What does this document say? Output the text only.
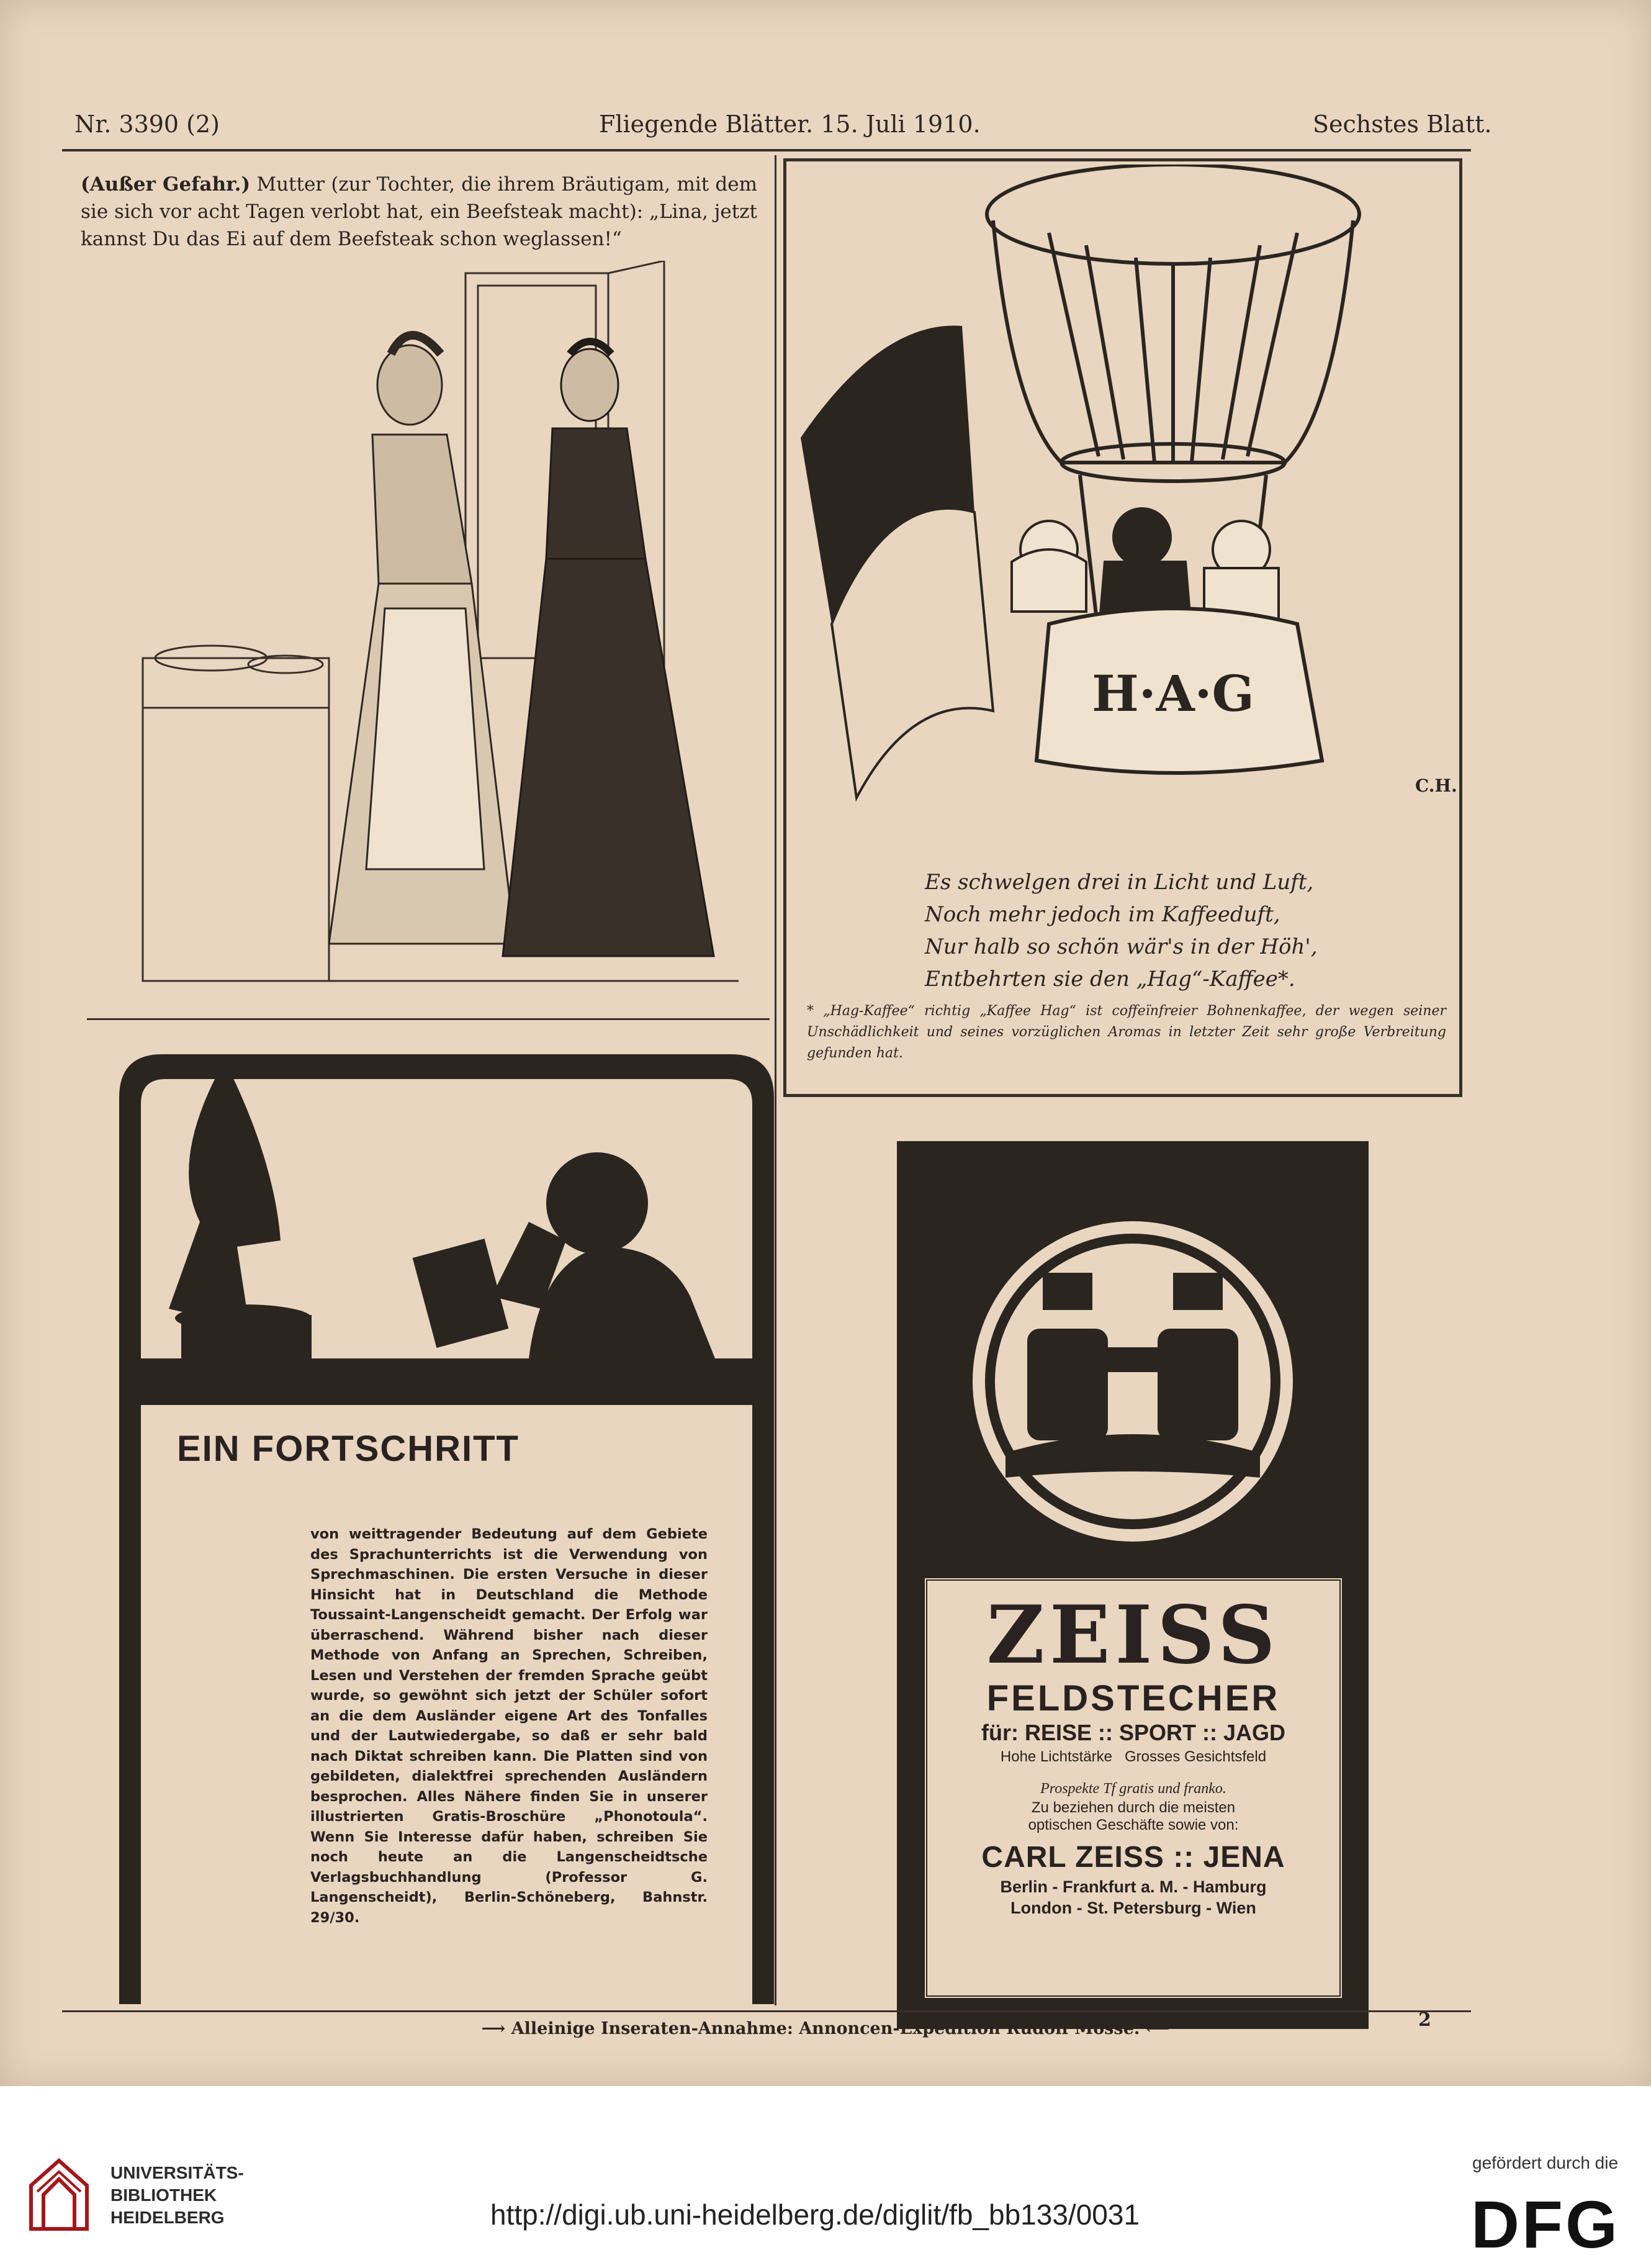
Nr. 3390 (2)	Fliegende Blätter. 15. Juli 1910.	Sechstes Blatt.
(Außer Gefahr.) Mutter (zur Tochter, die ihrem Bräutigam, mit dem sie sich vor acht Tagen verlobt hat, ein Beefsteak macht): „Lina, jetzt kannst Du das Ei auf dem Beefsteak schon weglassen!“
H·A·G
C.H.
Es schwelgen drei in Licht und Luft,
Noch mehr jedoch im Kaffeeduft,
Nur halb so schön wär's in der Höh',
Entbehrten sie den „Hag“-Kaffee*.
* „Hag-Kaffee“ richtig „Kaffee Hag“ ist coffeïnfreier Bohnenkaffee, der wegen seiner Unschädlichkeit und seines vorzüglichen Aromas in letzter Zeit sehr große Verbreitung gefunden hat.
K.
EIN FORTSCHRITT
von weittragender Bedeutung auf dem Gebiete des Sprachunterrichts ist die Verwendung von Sprechmaschinen. Die ersten Versuche in dieser Hinsicht hat in Deutschland die Methode Toussaint-Langenscheidt gemacht. Der Erfolg war überraschend. Während bisher nach dieser Methode von Anfang an Sprechen, Schreiben, Lesen und Verstehen der fremden Sprache geübt wurde, so gewöhnt sich jetzt der Schüler sofort an die dem Ausländer eigene Art des Tonfalles und der Lautwiedergabe, so daß er sehr bald nach Diktat schreiben kann. Die Platten sind von gebildeten, dialektfrei sprechenden Ausländern besprochen. Alles Nähere finden Sie in unserer illustrierten Gratis-Broschüre „Phonotoula“. Wenn Sie Interesse dafür haben, schreiben Sie noch heute an die Langenscheidtsche Verlagsbuchhandlung (Professor G. Langenscheidt), Berlin-Schöneberg, Bahnstr. 29/30.
ZEISS
FELDSTECHER
für: REISE :: SPORT :: JAGD
Hohe Lichtstärke   Grosses Gesichtsfeld
Prospekte Tf gratis und franko.
Zu beziehen durch die meisten optischen Geschäfte sowie von:
CARL ZEISS :: JENA
Berlin - Frankfurt a. M. - Hamburg
London - St. Petersburg - Wien
⟶ Alleinige Inseraten-Annahme: Annoncen-Expedition Rudolf Mosse. ⟵	2
UNIVERSITÄTS-
BIBLIOTHEK
HEIDELBERG	http://digi.ub.uni-heidelberg.de/diglit/fb_bb133/0031
gefördert durch die
DFG
